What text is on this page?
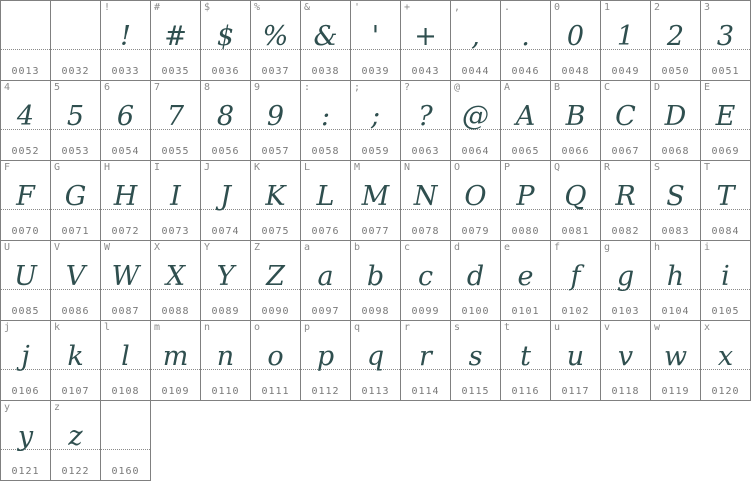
0013	0032
!
!
0033
#
#
0035
$
$
0036
%
%
0037
&
&
0038
'
'
0039
+
+
0043
,
,
0044
.
.
0046
0
0
0048
1
1
0049
2
2
0050
3
3
0051
4
4
0052
5
5
0053
6
6
0054
7
7
0055
8
8
0056
9
9
0057
:
:
0058
;
;
0059
?
?
0063
@
@
0064
A
A
0065
B
B
0066
C
C
0067
D
D
0068
E
E
0069
F
F
0070
G
G
0071
H
H
0072
I
I
0073
J
J
0074
K
K
0075
L
L
0076
M
M
0077
N
N
0078
O
O
0079
P
P
0080
Q
Q
0081
R
R
0082
S
S
0083
T
T
0084
U
U
0085
V
V
0086
W
W
0087
X
X
0088
Y
Y
0089
Z
Z
0090
a
a
0097
b
b
0098
c
c
0099
d
d
0100
e
e
0101
f
f
0102
g
g
0103
h
h
0104
i
i
0105
j
j
0106
k
k
0107
l
l
0108
m
m
0109
n
n
0110
o
o
0111
p
p
0112
q
q
0113
r
r
0114
s
s
0115
t
t
0116
u
u
0117
v
v
0118
w
w
0119
x
x
0120
y
y
0121
z
z
0122	0160
